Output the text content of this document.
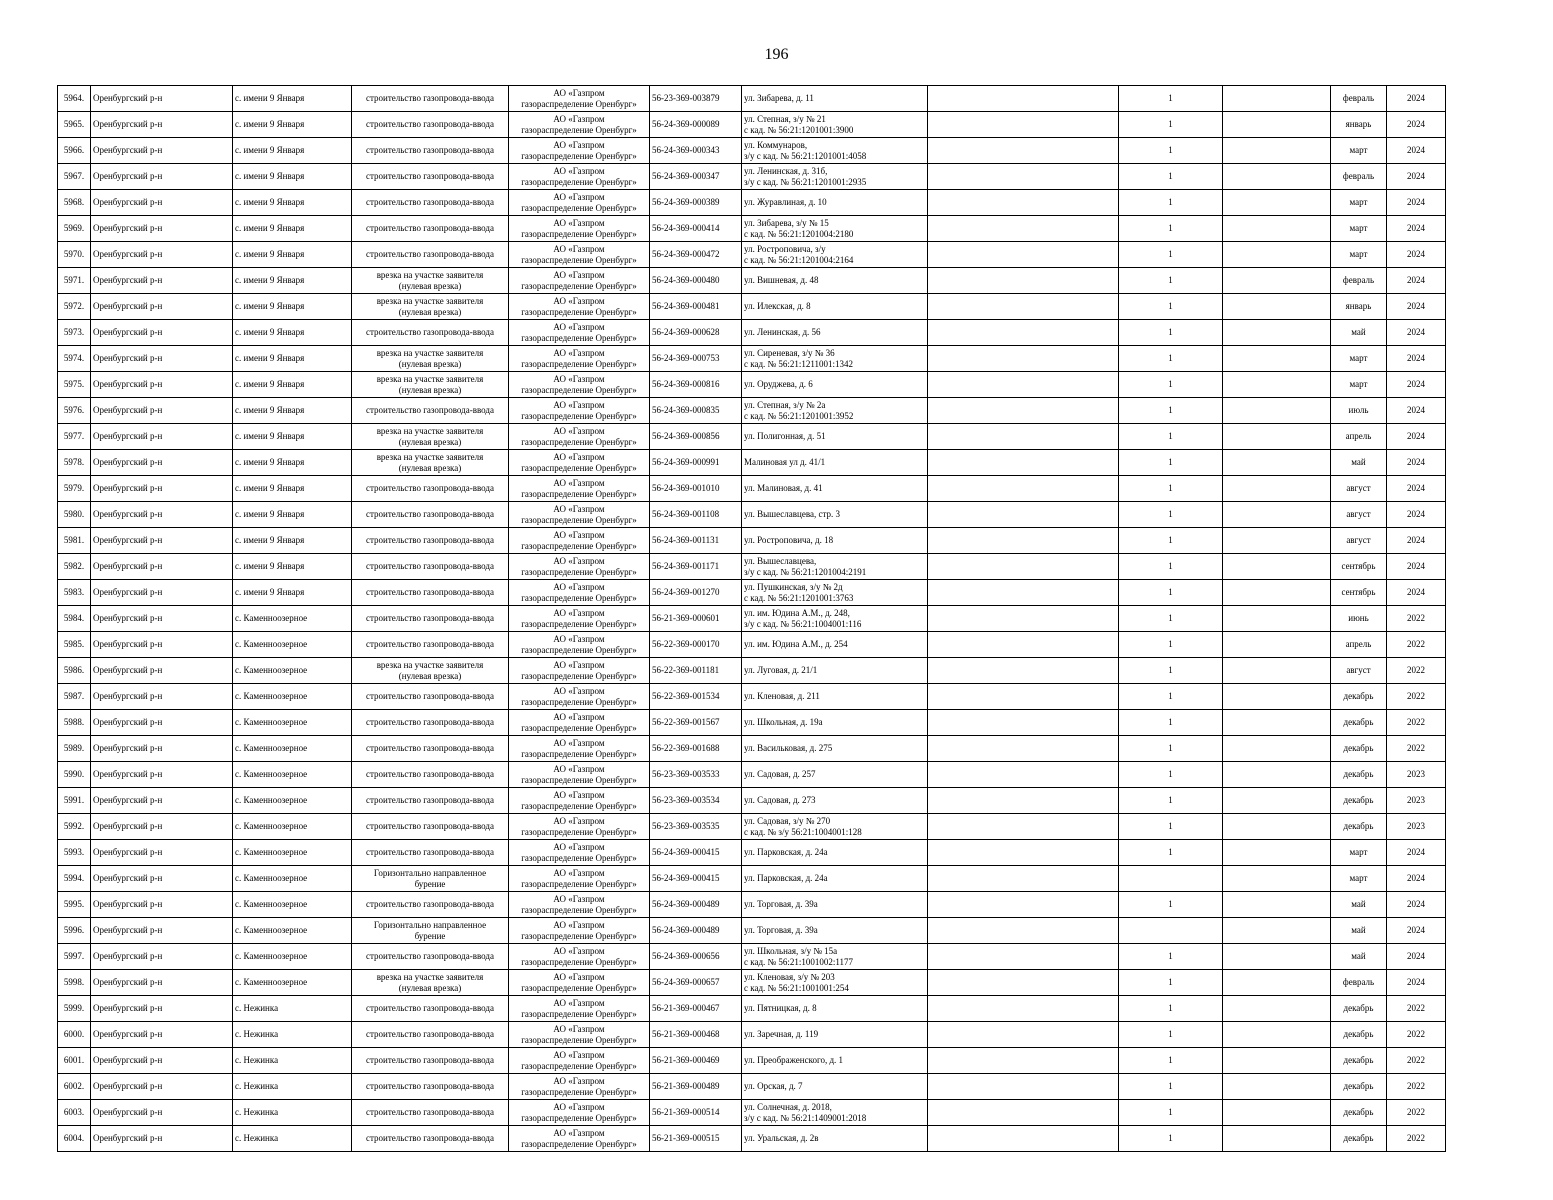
196
5964.	Оренбургский р-н	с. имени 9 Января	строительство газопровода-ввода	АО «Газпром
газораспределение Оренбург»	56-23-369-003879	ул. Зибарева, д. 11		1		февраль	2024
5965.	Оренбургский р-н	с. имени 9 Января	строительство газопровода-ввода	АО «Газпром
газораспределение Оренбург»	56-24-369-000089	ул. Степная, з/у № 21
с кад. № 56:21:1201001:3900		1		январь	2024
5966.	Оренбургский р-н	с. имени 9 Января	строительство газопровода-ввода	АО «Газпром
газораспределение Оренбург»	56-24-369-000343	ул. Коммунаров,
з/у с кад. № 56:21:1201001:4058		1		март	2024
5967.	Оренбургский р-н	с. имени 9 Января	строительство газопровода-ввода	АО «Газпром
газораспределение Оренбург»	56-24-369-000347	ул. Ленинская, д. 31б,
з/у с кад. № 56:21:1201001:2935		1		февраль	2024
5968.	Оренбургский р-н	с. имени 9 Января	строительство газопровода-ввода	АО «Газпром
газораспределение Оренбург»	56-24-369-000389	ул. Журавлиная, д. 10		1		март	2024
5969.	Оренбургский р-н	с. имени 9 Января	строительство газопровода-ввода	АО «Газпром
газораспределение Оренбург»	56-24-369-000414	ул. Зибарева, з/у № 15
с кад. № 56:21:1201004:2180		1		март	2024
5970.	Оренбургский р-н	с. имени 9 Января	строительство газопровода-ввода	АО «Газпром
газораспределение Оренбург»	56-24-369-000472	ул. Ростроповича, з/у
с кад. № 56:21:1201004:2164		1		март	2024
5971.	Оренбургский р-н	с. имени 9 Января	врезка на участке заявителя
(нулевая врезка)	АО «Газпром
газораспределение Оренбург»	56-24-369-000480	ул. Вишневая, д. 48		1		февраль	2024
5972.	Оренбургский р-н	с. имени 9 Января	врезка на участке заявителя
(нулевая врезка)	АО «Газпром
газораспределение Оренбург»	56-24-369-000481	ул. Илекская, д. 8		1		январь	2024
5973.	Оренбургский р-н	с. имени 9 Января	строительство газопровода-ввода	АО «Газпром
газораспределение Оренбург»	56-24-369-000628	ул. Ленинская, д. 56		1		май	2024
5974.	Оренбургский р-н	с. имени 9 Января	врезка на участке заявителя
(нулевая врезка)	АО «Газпром
газораспределение Оренбург»	56-24-369-000753	ул. Сиреневая, з/у № 36
с кад. № 56:21:1211001:1342		1		март	2024
5975.	Оренбургский р-н	с. имени 9 Января	врезка на участке заявителя
(нулевая врезка)	АО «Газпром
газораспределение Оренбург»	56-24-369-000816	ул. Оруджева, д. 6		1		март	2024
5976.	Оренбургский р-н	с. имени 9 Января	строительство газопровода-ввода	АО «Газпром
газораспределение Оренбург»	56-24-369-000835	ул. Степная, з/у № 2а
с кад. № 56:21:1201001:3952		1		июль	2024
5977.	Оренбургский р-н	с. имени 9 Января	врезка на участке заявителя
(нулевая врезка)	АО «Газпром
газораспределение Оренбург»	56-24-369-000856	ул. Полигонная, д. 51		1		апрель	2024
5978.	Оренбургский р-н	с. имени 9 Января	врезка на участке заявителя
(нулевая врезка)	АО «Газпром
газораспределение Оренбург»	56-24-369-000991	Малиновая ул д. 41/1		1		май	2024
5979.	Оренбургский р-н	с. имени 9 Января	строительство газопровода-ввода	АО «Газпром
газораспределение Оренбург»	56-24-369-001010	ул. Малиновая, д. 41		1		август	2024
5980.	Оренбургский р-н	с. имени 9 Января	строительство газопровода-ввода	АО «Газпром
газораспределение Оренбург»	56-24-369-001108	ул. Вышеславцева, стр. 3		1		август	2024
5981.	Оренбургский р-н	с. имени 9 Января	строительство газопровода-ввода	АО «Газпром
газораспределение Оренбург»	56-24-369-001131	ул. Ростроповича, д. 18		1		август	2024
5982.	Оренбургский р-н	с. имени 9 Января	строительство газопровода-ввода	АО «Газпром
газораспределение Оренбург»	56-24-369-001171	ул. Вышеславцева,
з/у с кад. № 56:21:1201004:2191		1		сентябрь	2024
5983.	Оренбургский р-н	с. имени 9 Января	строительство газопровода-ввода	АО «Газпром
газораспределение Оренбург»	56-24-369-001270	ул. Пушкинская, з/у № 2д
с кад. № 56:21:1201001:3763		1		сентябрь	2024
5984.	Оренбургский р-н	с. Каменноозерное	строительство газопровода-ввода	АО «Газпром
газораспределение Оренбург»	56-21-369-000601	ул. им. Юдина А.М., д. 248,
з/у с кад. № 56:21:1004001:116		1		июнь	2022
5985.	Оренбургский р-н	с. Каменноозерное	строительство газопровода-ввода	АО «Газпром
газораспределение Оренбург»	56-22-369-000170	ул. им. Юдина А.М., д. 254		1		апрель	2022
5986.	Оренбургский р-н	с. Каменноозерное	врезка на участке заявителя
(нулевая врезка)	АО «Газпром
газораспределение Оренбург»	56-22-369-001181	ул. Луговая, д. 21/1		1		август	2022
5987.	Оренбургский р-н	с. Каменноозерное	строительство газопровода-ввода	АО «Газпром
газораспределение Оренбург»	56-22-369-001534	ул. Кленовая, д. 211		1		декабрь	2022
5988.	Оренбургский р-н	с. Каменноозерное	строительство газопровода-ввода	АО «Газпром
газораспределение Оренбург»	56-22-369-001567	ул. Школьная, д. 19а		1		декабрь	2022
5989.	Оренбургский р-н	с. Каменноозерное	строительство газопровода-ввода	АО «Газпром
газораспределение Оренбург»	56-22-369-001688	ул. Васильковая, д. 275		1		декабрь	2022
5990.	Оренбургский р-н	с. Каменноозерное	строительство газопровода-ввода	АО «Газпром
газораспределение Оренбург»	56-23-369-003533	ул. Садовая, д. 257		1		декабрь	2023
5991.	Оренбургский р-н	с. Каменноозерное	строительство газопровода-ввода	АО «Газпром
газораспределение Оренбург»	56-23-369-003534	ул. Садовая, д. 273		1		декабрь	2023
5992.	Оренбургский р-н	с. Каменноозерное	строительство газопровода-ввода	АО «Газпром
газораспределение Оренбург»	56-23-369-003535	ул. Садовая, з/у № 270
с кад. № з/у 56:21:1004001:128		1		декабрь	2023
5993.	Оренбургский р-н	с. Каменноозерное	строительство газопровода-ввода	АО «Газпром
газораспределение Оренбург»	56-24-369-000415	ул. Парковская, д. 24а		1		март	2024
5994.	Оренбургский р-н	с. Каменноозерное	Горизонтально направленное
бурение	АО «Газпром
газораспределение Оренбург»	56-24-369-000415	ул. Парковская, д. 24а				март	2024
5995.	Оренбургский р-н	с. Каменноозерное	строительство газопровода-ввода	АО «Газпром
газораспределение Оренбург»	56-24-369-000489	ул. Торговая, д. 39а		1		май	2024
5996.	Оренбургский р-н	с. Каменноозерное	Горизонтально направленное
бурение	АО «Газпром
газораспределение Оренбург»	56-24-369-000489	ул. Торговая, д. 39а				май	2024
5997.	Оренбургский р-н	с. Каменноозерное	строительство газопровода-ввода	АО «Газпром
газораспределение Оренбург»	56-24-369-000656	ул. Школьная, з/у № 15а
с кад. № 56:21:1001002:1177		1		май	2024
5998.	Оренбургский р-н	с. Каменноозерное	врезка на участке заявителя
(нулевая врезка)	АО «Газпром
газораспределение Оренбург»	56-24-369-000657	ул. Кленовая, з/у № 203
с кад. № 56:21:1001001:254		1		февраль	2024
5999.	Оренбургский р-н	с. Нежинка	строительство газопровода-ввода	АО «Газпром
газораспределение Оренбург»	56-21-369-000467	ул. Пятницкая, д. 8		1		декабрь	2022
6000.	Оренбургский р-н	с. Нежинка	строительство газопровода-ввода	АО «Газпром
газораспределение Оренбург»	56-21-369-000468	ул. Заречная, д. 119		1		декабрь	2022
6001.	Оренбургский р-н	с. Нежинка	строительство газопровода-ввода	АО «Газпром
газораспределение Оренбург»	56-21-369-000469	ул. Преображенского, д. 1		1		декабрь	2022
6002.	Оренбургский р-н	с. Нежинка	строительство газопровода-ввода	АО «Газпром
газораспределение Оренбург»	56-21-369-000489	ул. Орская, д. 7		1		декабрь	2022
6003.	Оренбургский р-н	с. Нежинка	строительство газопровода-ввода	АО «Газпром
газораспределение Оренбург»	56-21-369-000514	ул. Солнечная, д. 2018,
з/у с кад. № 56:21:1409001:2018		1		декабрь	2022
6004.	Оренбургский р-н	с. Нежинка	строительство газопровода-ввода	АО «Газпром
газораспределение Оренбург»	56-21-369-000515	ул. Уральская, д. 2в		1		декабрь	2022
